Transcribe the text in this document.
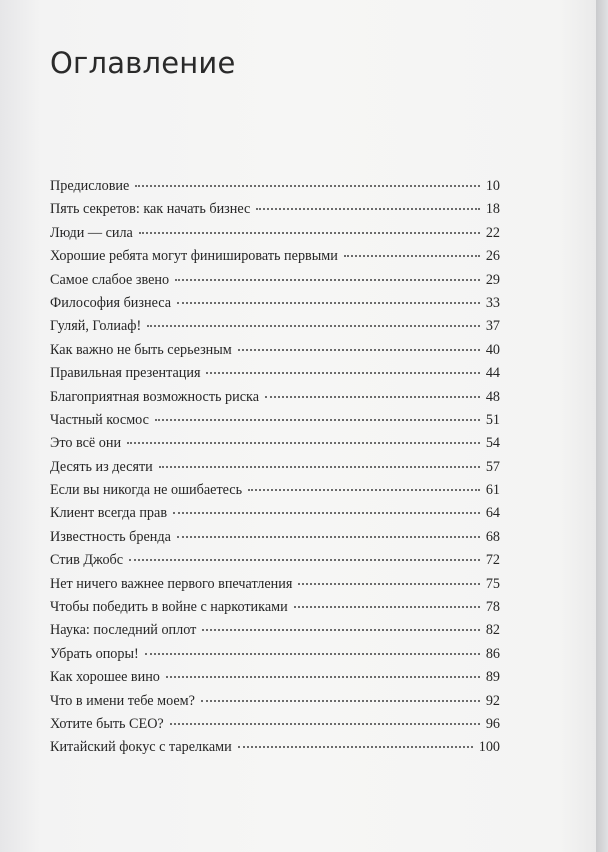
Оглавление
Предисловие	10
Пять секретов: как начать бизнес	18
Люди — сила	22
Хорошие ребята могут финишировать первыми	26
Самое слабое звено	29
Философия бизнеса	33
Гуляй, Голиаф!	37
Как важно не быть серьезным	40
Правильная презентация	44
Благоприятная возможность риска	48
Частный космос	51
Это всё они	54
Десять из десяти	57
Если вы никогда не ошибаетесь	61
Клиент всегда прав	64
Известность бренда	68
Стив Джобс	72
Нет ничего важнее первого впечатления	75
Чтобы победить в войне с наркотиками	78
Наука: последний оплот	82
Убрать опоры!	86
Как хорошее вино	89
Что в имени тебе моем?	92
Хотите быть СЕО?	96
Китайский фокус с тарелками	100
